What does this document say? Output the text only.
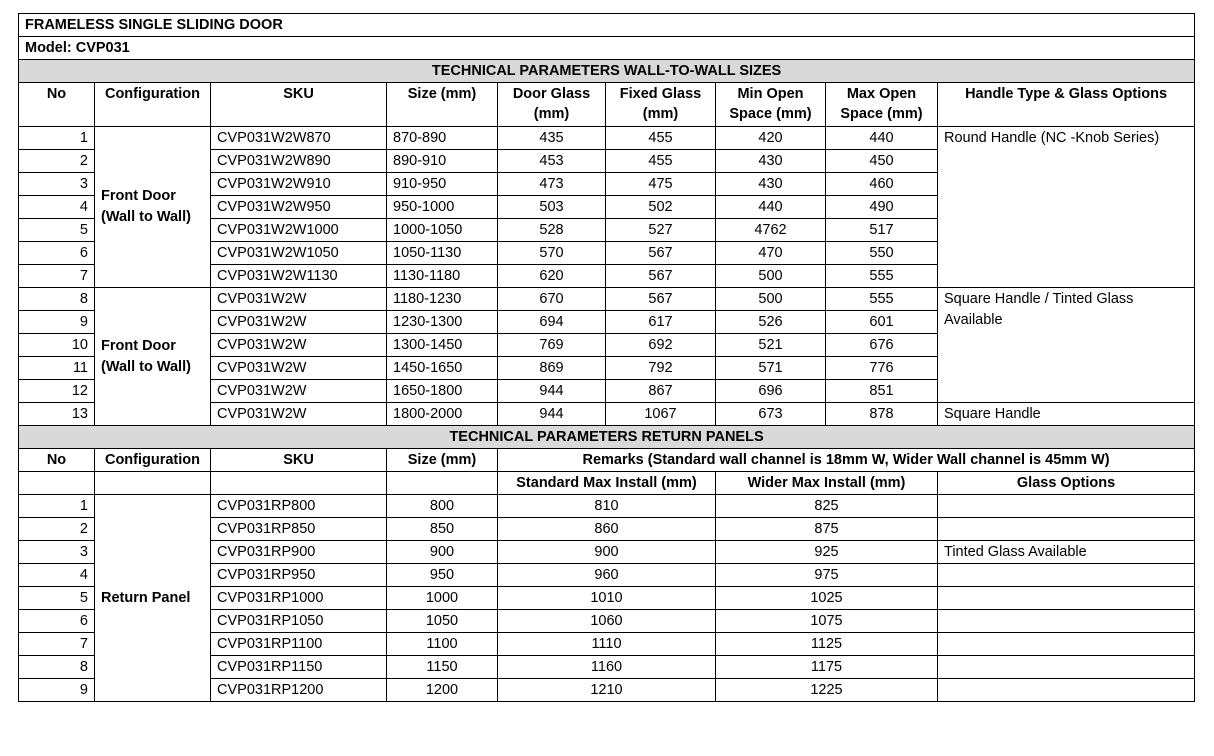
FRAMELESS SINGLE SLIDING DOOR								
Model: CVP031								
TECHNICAL PARAMETERS WALL-TO-WALL SIZES								
No	Configuration	SKU	Size (mm)	Door Glass (mm)	Fixed Glass (mm)	Min Open Space (mm)	Max Open Space (mm)	Handle Type & Glass Options
1	Front Door (Wall to Wall)	CVP031W2W870	870-890	435	455	420	440	Round Handle (NC -Knob Series)
2		CVP031W2W890	890-910	453	455	430	450	
3		CVP031W2W910	910-950	473	475	430	460	
4		CVP031W2W950	950-1000	503	502	440	490	
5		CVP031W2W1000	1000-1050	528	527	4762	517	
6		CVP031W2W1050	1050-1130	570	567	470	550	
7		CVP031W2W1130	1130-1180	620	567	500	555	
8	Front Door (Wall to Wall)	CVP031W2W	1180-1230	670	567	500	555	Square Handle / Tinted Glass Available
9		CVP031W2W	1230-1300	694	617	526	601	
10		CVP031W2W	1300-1450	769	692	521	676	
11		CVP031W2W	1450-1650	869	792	571	776	
12		CVP031W2W	1650-1800	944	867	696	851	
13		CVP031W2W	1800-2000	944	1067	673	878	Square Handle
TECHNICAL PARAMETERS RETURN PANELS								
No	Configuration	SKU	Size (mm)	Remarks (Standard wall channel is 18mm W, Wider Wall channel is 45mm W)				
				Standard Max Install (mm)		Wider Max Install (mm)		Glass Options
1	Return Panel	CVP031RP800	800	810		825		
2		CVP031RP850	850	860		875		
3		CVP031RP900	900	900		925		Tinted Glass Available
4		CVP031RP950	950	960		975		
5		CVP031RP1000	1000	1010		1025		
6		CVP031RP1050	1050	1060		1075		
7		CVP031RP1100	1100	1110		1125		
8		CVP031RP1150	1150	1160		1175		
9		CVP031RP1200	1200	1210		1225		
